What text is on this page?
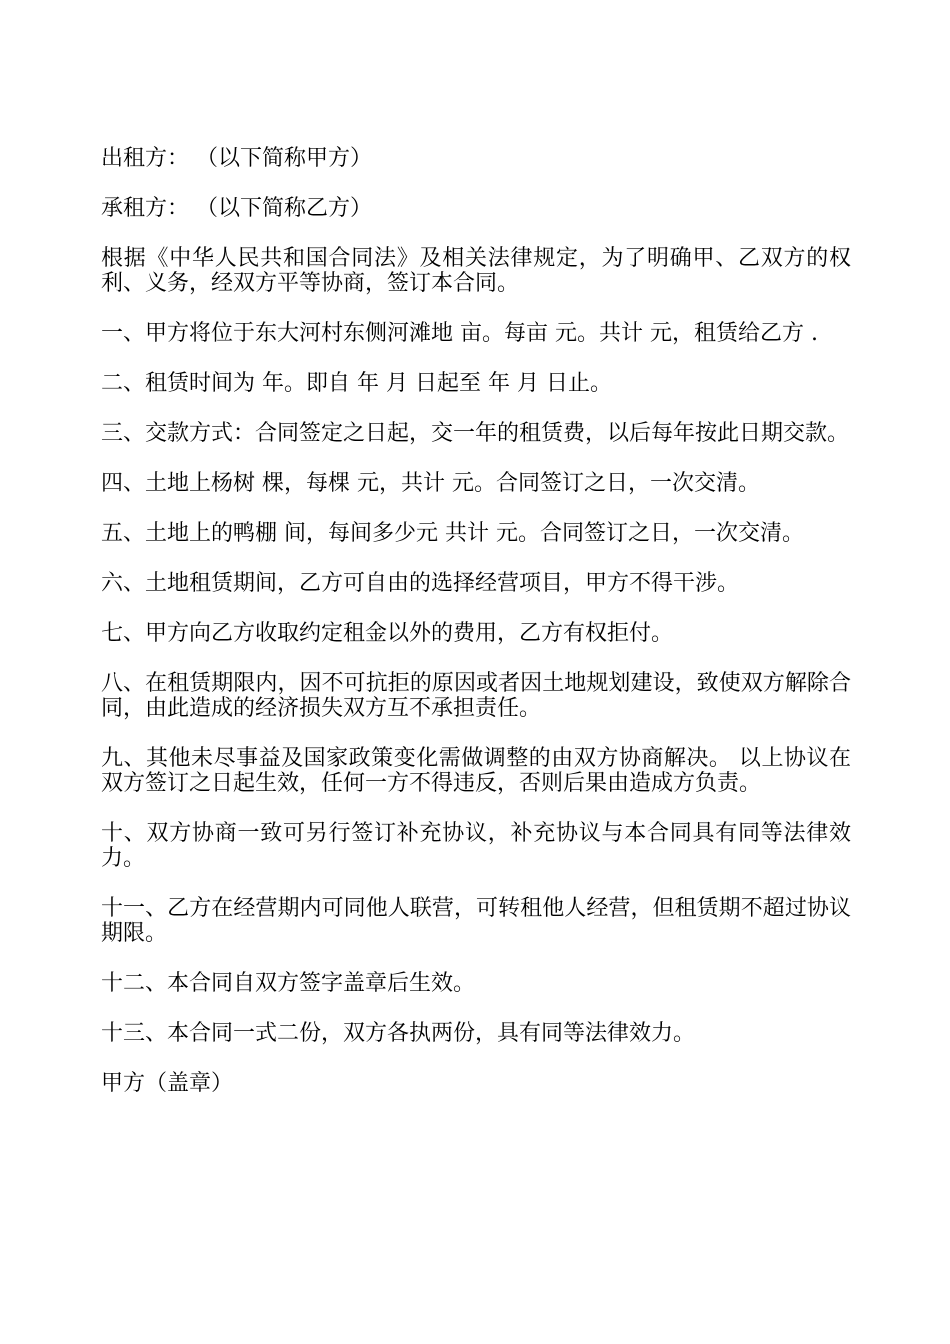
出租方： （以下简称甲方）

承租方： （以下简称乙方）

根据《中华人民共和国合同法》及相关法律规定，为了明确甲、乙双方的权利、义务，经双方平等协商，签订本合同。

一、甲方将位于东大河村东侧河滩地 亩。每亩 元。共计 元，租赁给乙方 .

二、租赁时间为 年。即自 年 月 日起至 年 月 日止。

三、交款方式：合同签定之日起，交一年的租赁费，以后每年按此日期交款。

四、土地上杨树 棵，每棵 元，共计 元。合同签订之日，一次交清。

五、土地上的鸭棚 间，每间多少元 共计 元。合同签订之日，一次交清。

六、土地租赁期间，乙方可自由的选择经营项目，甲方不得干涉。

七、甲方向乙方收取约定租金以外的费用，乙方有权拒付。

八、在租赁期限内，因不可抗拒的原因或者因土地规划建设，致使双方解除合同，由此造成的经济损失双方互不承担责任。

九、其他未尽事益及国家政策变化需做调整的由双方协商解决。 以上协议在双方签订之日起生效，任何一方不得违反，否则后果由造成方负责。

十、双方协商一致可另行签订补充协议，补充协议与本合同具有同等法律效力。

十一、乙方在经营期内可同他人联营，可转租他人经营，但租赁期不超过协议期限。

十二、本合同自双方签字盖章后生效。

十三、本合同一式二份，双方各执两份，具有同等法律效力。

甲方（盖章）
